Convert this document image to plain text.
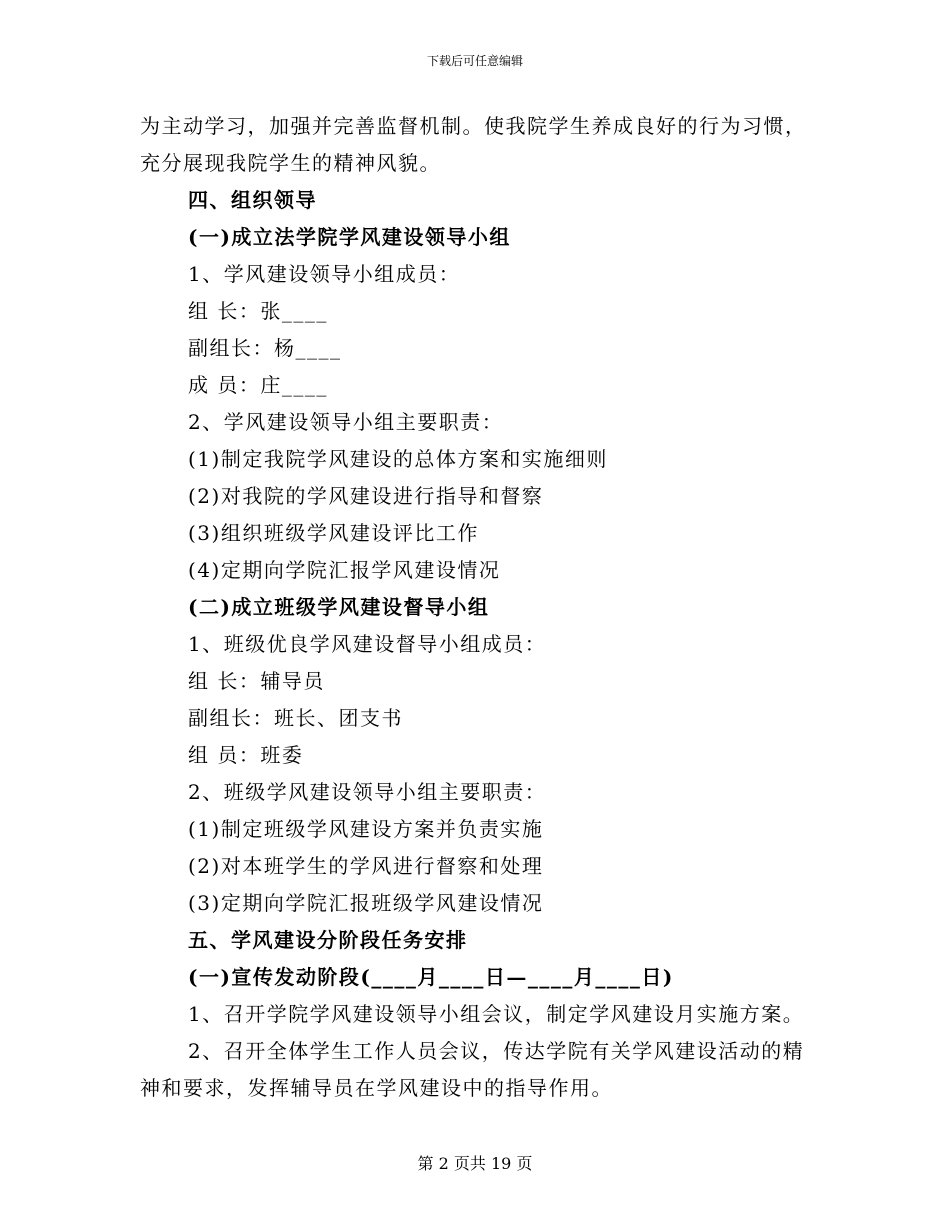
下载后可任意编辑
为主动学习，加强并完善监督机制。使我院学生养成良好的行为习惯，
充分展现我院学生的精神风貌。
四、组织领导
(一)成立法学院学风建设领导小组
1、学风建设领导小组成员：
组 长：张____
副组长：杨____
成 员：庄____
2、学风建设领导小组主要职责：
(1)制定我院学风建设的总体方案和实施细则
(2)对我院的学风建设进行指导和督察
(3)组织班级学风建设评比工作
(4)定期向学院汇报学风建设情况
(二)成立班级学风建设督导小组
1、班级优良学风建设督导小组成员：
组 长：辅导员
副组长：班长、团支书
组 员：班委
2、班级学风建设领导小组主要职责：
(1)制定班级学风建设方案并负责实施
(2)对本班学生的学风进行督察和处理
(3)定期向学院汇报班级学风建设情况
五、学风建设分阶段任务安排
(一)宣传发动阶段(____月____日—____月____日)
1、召开学院学风建设领导小组会议，制定学风建设月实施方案。
2、召开全体学生工作人员会议，传达学院有关学风建设活动的精
神和要求，发挥辅导员在学风建设中的指导作用。
第 2 页共 19 页
